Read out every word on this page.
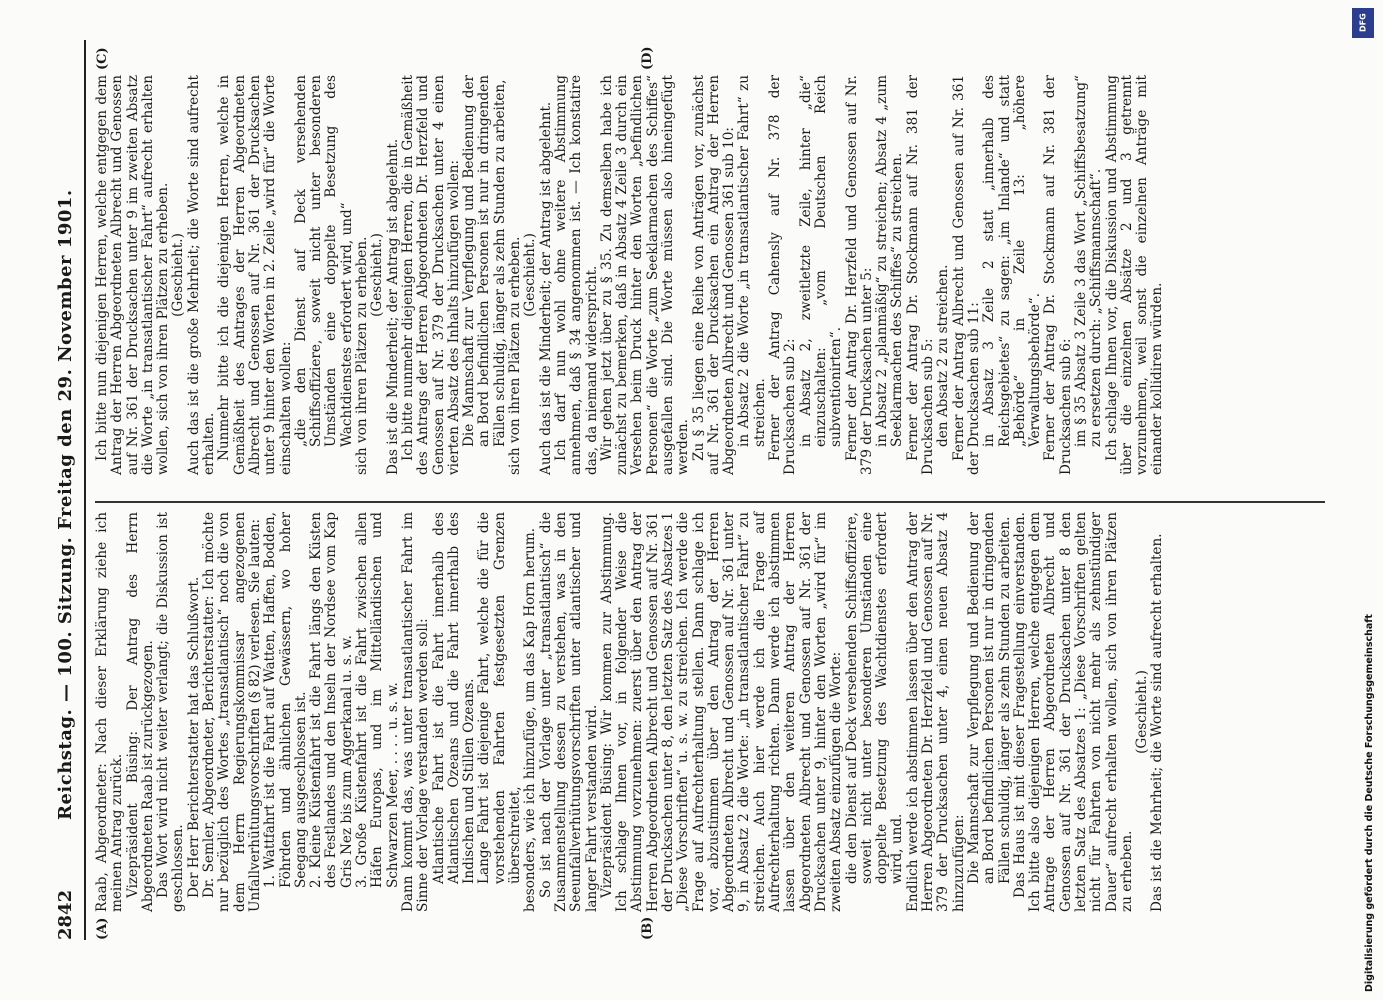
2842
Reichstag. — 100. Sitzung. Freitag den 29. November 1901.
(A)	(B)
(C)	(D)

Raab, Abgeordneter: Nach dieser Erklärung ziehe ich meinen Antrag zurück. Vizepräsident Büsing: Der Antrag des Herrn Abgeordneten Raab ist zurückgezogen. Das Wort wird nicht weiter verlangt; die Diskussion ist geschlossen. Der Herr Berichterstatter hat das Schlußwort. Dr. Semler, Abgeordneter, Berichterstatter: Ich möchte nur bezüglich des Wortes „transatlantisch“ noch die von dem Herrn Regierungskommissar angezogenen Unfallverhütungsvorschriften (§ 82) verlesen. Sie lauten: 1. Wattfahrt ist die Fahrt auf Watten, Haffen, Bodden, Föhrden und ähnlichen Gewässern, wo hoher Seegang ausgeschlossen ist. 2. Kleine Küstenfahrt ist die Fahrt längs den Küsten des Festlandes und den Inseln der Nordsee vom Kap Gris Nez bis zum Aggerkanal u. s. w. 3. Große Küstenfahrt ist die Fahrt zwischen allen Häfen Europas, und im Mittelländischen und Schwarzen Meer, . . . . u. s. w. Dann kommt das, was unter transatlantischer Fahrt im Sinne der Vorlage verstanden werden soll: Atlantische Fahrt ist die Fahrt innerhalb des Atlantischen Ozeans und die Fahrt innerhalb des Indischen und Stillen Ozeans. Lange Fahrt ist diejenige Fahrt, welche die für die vorstehenden Fahrten festgesetzten Grenzen überschreitet, besonders, wie ich hinzufüge, um das Kap Horn herum. So ist nach der Vorlage unter „transatlantisch“ die Zusammenstellung dessen zu verstehen, was in den Seeunfallverhütungsvorschriften unter atlantischer und langer Fahrt verstanden wird. Vizepräsident Büsing: Wir kommen zur Abstimmung. Ich schlage Ihnen vor, in folgender Weise die Abstimmung vorzunehmen: zuerst über den Antrag der Herren Abgeordneten Albrecht und Genossen auf Nr. 361 der Drucksachen unter 8, den letzten Satz des Absatzes 1 „Diese Vorschriften“ u. s. w. zu streichen. Ich werde die Frage auf Aufrechterhaltung stellen. Dann schlage ich vor, abzustimmen über den Antrag der Herren Abgeordneten Albrecht und Genossen auf Nr. 361 unter 9, in Absatz 2 die Worte: „in transatlantischer Fahrt“ zu streichen. Auch hier werde ich die Frage auf Aufrechterhaltung richten. Dann werde ich abstimmen lassen über den weiteren Antrag der Herren Abgeordneten Albrecht und Genossen auf Nr. 361 der Drucksachen unter 9, hinter den Worten „wird für“ im zweiten Absatz einzufügen die Worte: die den Dienst auf Deck versehenden Schiffsoffiziere, soweit nicht unter besonderen Umständen eine doppelte Besetzung des Wachtdienstes erfordert wird, und. Endlich werde ich abstimmen lassen über den Antrag der Herren Abgeordneten Dr. Herzfeld und Genossen auf Nr. 379 der Drucksachen unter 4, einen neuen Absatz 4 hinzuzufügen: Die Mannschaft zur Verpflegung und Bedienung der an Bord befindlichen Personen ist nur in dringenden Fällen schuldig, länger als zehn Stunden zu arbeiten. Das Haus ist mit dieser Fragestellung einverstanden. Ich bitte also diejenigen Herren, welche entgegen dem Antrage der Herren Abgeordneten Albrecht und Genossen auf Nr. 361 der Drucksachen unter 8 den letzten Satz des Absatzes 1: „Diese Vorschriften gelten nicht für Fahrten von nicht mehr als zehnstündiger Dauer“ aufrecht erhalten wollen, sich von ihren Plätzen zu erheben.

(Geschieht.) Das ist die Mehrheit; die Worte sind aufrecht erhalten.

Ich bitte nun diejenigen Herren, welche entgegen dem Antrag der Herren Abgeordneten Albrecht und Genossen auf Nr. 361 der Drucksachen unter 9 im zweiten Absatz die Worte „in transatlantischer Fahrt“ aufrecht erhalten wollen, sich von ihren Plätzen zu erheben. (Geschieht.) Auch das ist die große Mehrheit; die Worte sind aufrecht erhalten. Nunmehr bitte ich die diejenigen Herren, welche in Gemäßheit des Antrages der Herren Abgeordneten Albrecht und Genossen auf Nr. 361 der Drucksachen unter 9 hinter den Worten in 2. Zeile „wird für“ die Worte einschalten wollen: „die den Dienst auf Deck versehenden Schiffsoffiziere, soweit nicht unter besonderen Umständen eine doppelte Besetzung des Wachtdienstes erfordert wird, und“ sich von ihren Plätzen zu erheben. (Geschieht.) Das ist die Minderheit; der Antrag ist abgelehnt. Ich bitte nunmehr diejenigen Herren, die in Gemäßheit des Antrags der Herren Abgeordneten Dr. Herzfeld und Genossen auf Nr. 379 der Drucksachen unter 4 einen vierten Absatz des Inhalts hinzufügen wollen: Die Mannschaft zur Verpflegung und Bedienung der an Bord befindlichen Personen ist nur in dringenden Fällen schuldig, länger als zehn Stunden zu arbeiten, sich von ihren Plätzen zu erheben. (Geschieht.) Auch das ist die Minderheit; der Antrag ist abgelehnt. Ich darf nun wohl ohne weitere Abstimmung annehmen, daß § 34 angenommen ist. — Ich konstatire das, da niemand widerspricht. Wir gehen jetzt über zu § 35. Zu demselben habe ich zunächst zu bemerken, daß in Absatz 4 Zeile 3 durch ein Versehen beim Druck hinter den Worten „befindlichen Personen“ die Worte „zum Seeklarmachen des Schiffes“ ausgefallen sind. Die Worte müssen also hineingefügt werden. Zu § 35 liegen eine Reihe von Anträgen vor, zunächst auf Nr. 361 der Drucksachen ein Antrag der Herren Abgeordneten Albrecht und Genossen 361 sub 10: in Absatz 2 die Worte „in transatlantischer Fahrt“ zu streichen. Ferner der Antrag Cahensly auf Nr. 378 der Drucksachen sub 2: in Absatz 2, zweitletzte Zeile, hinter „die“ einzuschalten: „vom Deutschen Reich subventionirten“. Ferner der Antrag Dr. Herzfeld und Genossen auf Nr. 379 der Drucksachen unter 5: in Absatz 2 „planmäßig“ zu streichen; Absatz 4 „zum Seeklarmachen des Schiffes“ zu streichen. Ferner der Antrag Dr. Stockmann auf Nr. 381 der Drucksachen sub 5: den Absatz 2 zu streichen. Ferner der Antrag Albrecht und Genossen auf Nr. 361 der Drucksachen sub 11: in Absatz 3 Zeile 2 statt „innerhalb des Reichsgebietes“ zu sagen: „im Inlande“ und statt „Behörde“ in Zeile 13: „höhere Verwaltungsbehörde“. Ferner der Antrag Dr. Stockmann auf Nr. 381 der Drucksachen sub 6: im § 35 Absatz 3 Zeile 3 das Wort „Schiffsbesatzung“ zu ersetzen durch: „Schiffsmannschaft“. Ich schlage Ihnen vor, die Diskussion und Abstimmung über die einzelnen Absätze 2 und 3 getrennt vorzunehmen, weil sonst die einzelnen Anträge mit einander kollidiren würden.

DFG
Digitalisierung gefördert durch die Deutsche Forschungsgemeinschaft
